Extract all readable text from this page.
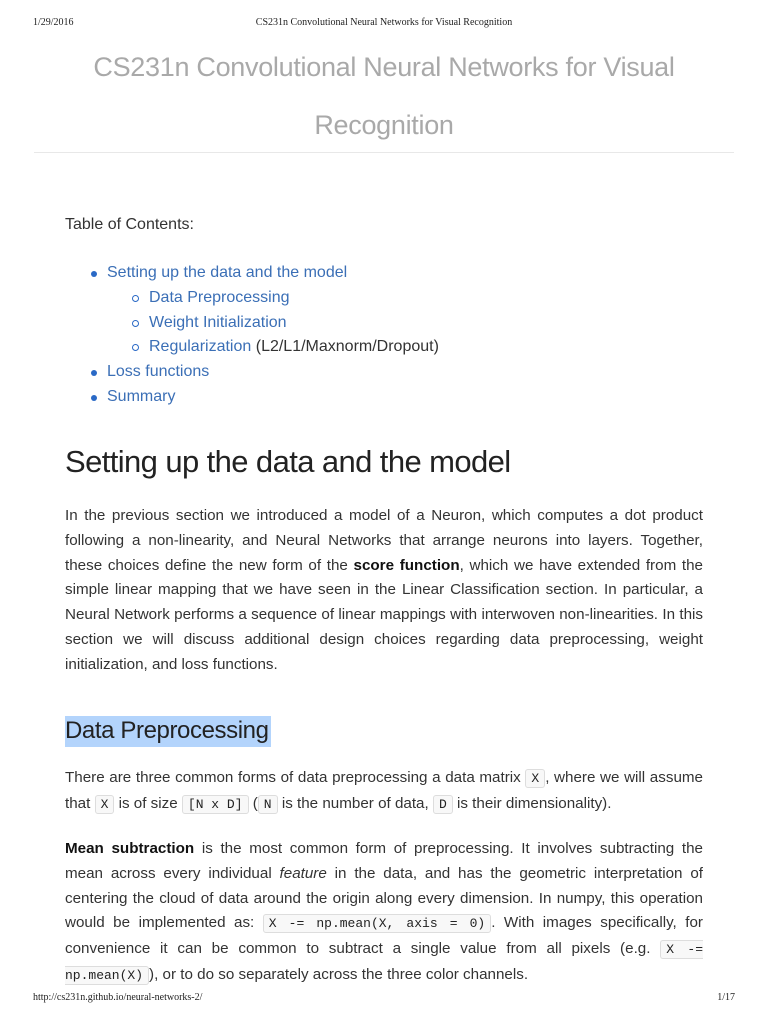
1/29/2016	CS231n Convolutional Neural Networks for Visual Recognition
CS231n Convolutional Neural Networks for Visual Recognition

Table of Contents:

Setting up the data and the model
Data Preprocessing
Weight Initialization
Regularization (L2/L1/Maxnorm/Dropout)
Loss functions
Summary
Setting up the data and the model

In the previous section we introduced a model of a Neuron, which computes a dot product following a non-linearity, and Neural Networks that arrange neurons into layers. Together, these choices define the new form of the score function, which we have extended from the simple linear mapping that we have seen in the Linear Classification section. In particular, a Neural Network performs a sequence of linear mappings with interwoven non-linearities. In this section we will discuss additional design choices regarding data preprocessing, weight initialization, and loss functions.

Data Preprocessing

There are three common forms of data preprocessing a data matrix X , where we will assume that X is of size [N x D] ( N is the number of data, D is their dimensionality).

Mean subtraction is the most common form of preprocessing. It involves subtracting the mean across every individual feature in the data, and has the geometric interpretation of centering the cloud of data around the origin along every dimension. In numpy, this operation would be implemented as: X -= np.mean(X, axis = 0) . With images specifically, for convenience it can be common to subtract a single value from all pixels (e.g. X -= np.mean(X) ), or to do so separately across the three color channels.

http://cs231n.github.io/neural-networks-2/	1/17
